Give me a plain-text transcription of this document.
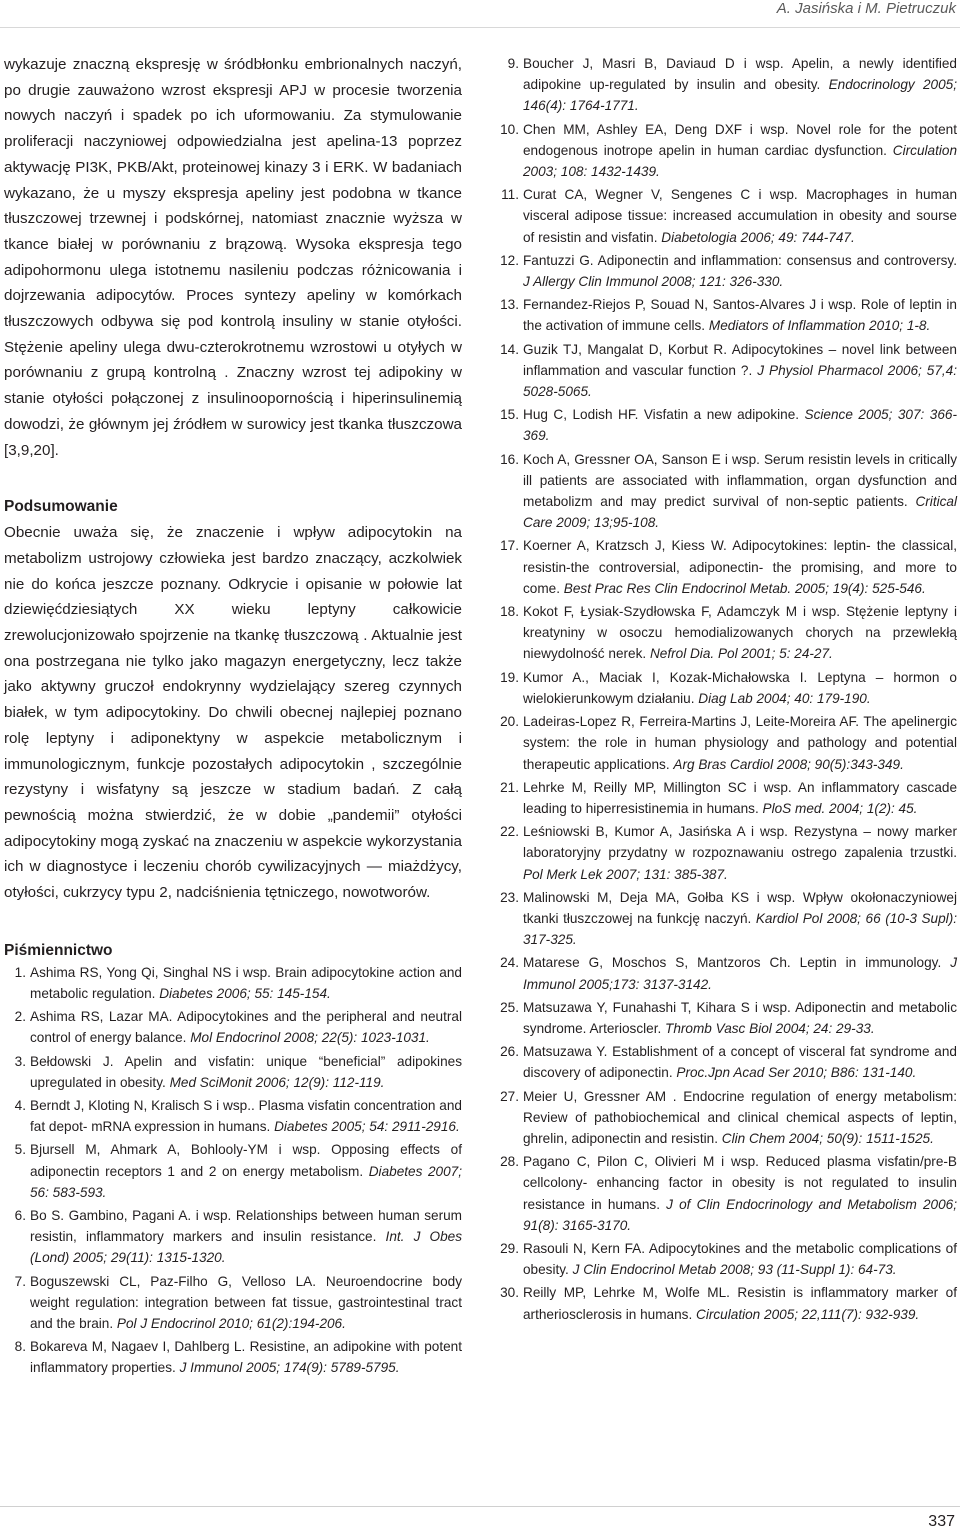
A. Jasińska i M. Pietruczuk

wykazuje znaczną ekspresję w śródbłonku embrionalnych naczyń, po drugie zauważono wzrost ekspresji APJ w procesie tworzenia nowych naczyń i spadek po ich uformowaniu. Za stymulowanie proliferacji naczyniowej odpowiedzialna jest apelina-13 poprzez aktywację PI3K, PKB/Akt, proteinowej kinazy 3 i ERK. W badaniach wykazano, że u myszy ekspresja apeliny jest podobna w tkance tłuszczowej trzewnej i podskórnej, natomiast znacznie wyższa w tkance białej w porównaniu z brązową. Wysoka ekspresja tego adipohormonu ulega istotnemu nasileniu podczas różnicowania i dojrzewania adipocytów. Proces syntezy apeliny w komórkach tłuszczowych odbywa się pod kontrolą insuliny w stanie otyłości. Stężenie apeliny ulega dwu-czterokrotnemu wzrostowi u otyłych w porównaniu z grupą kontrolną . Znaczny wzrost tej adipokiny w stanie otyłości połączonej z insulinoopornością i hiperinsulinemią dowodzi, że głównym jej źródłem w surowicy jest tkanka tłuszczowa [3,9,20].

Podsumowanie

Obecnie uważa się, że znaczenie i wpływ adipocytokin na metabolizm ustrojowy człowieka jest bardzo znaczący, aczkolwiek nie do końca jeszcze poznany. Odkrycie i opisanie w połowie lat dziewięćdziesiątych XX wieku leptyny całkowicie zrewolucjonizowało spojrzenie na tkankę tłuszczową . Aktualnie jest ona postrzegana nie tylko jako magazyn energetyczny, lecz także jako aktywny gruczoł endokrynny wydzielający szereg czynnych białek, w tym adipocytokiny. Do chwili obecnej najlepiej poznano rolę leptyny i adiponektyny w aspekcie metabolicznym i immunologicznym, funkcje pozostałych adipocytokin , szczególnie rezystyny i wisfatyny są jeszcze w stadium badań. Z całą pewnością można stwierdzić, że w dobie „pandemii” otyłości adipocytokiny mogą zyskać na znaczeniu w aspekcie wykorzystania ich w diagnostyce i leczeniu chorób cywilizacyjnych — miażdżycy, otyłości, cukrzycy typu 2, nadciśnienia tętniczego, nowotworów.

Piśmiennictwo
1. Ashima RS, Yong Qi, Singhal NS i wsp. Brain adipocytokine action and metabolic regulation. Diabetes 2006; 55: 145-154.
2. Ashima RS, Lazar MA. Adipocytokines and the peripheral and neutral control of energy balance. Mol Endocrinol 2008; 22(5): 1023-1031.
3. Bełdowski J. Apelin and visfatin: unique “beneficial” adipokines upregulated in obesity. Med SciMonit 2006; 12(9): 112-119.
4. Berndt J, Kloting N, Kralisch S i wsp.. Plasma visfatin concentration and fat depot- mRNA expression in humans. Diabetes 2005; 54: 2911-2916.
5. Bjursell M, Ahmark A, Bohlooly-YM i wsp. Opposing effects of adiponectin receptors 1 and 2 on energy metabolism. Diabetes 2007; 56: 583-593.
6. Bo S. Gambino, Pagani A. i wsp. Relationships between human serum resistin, inflammatory markers and insulin resistance. Int. J Obes (Lond) 2005; 29(11): 1315-1320.
7. Boguszewski CL, Paz-Filho G, Velloso LA. Neuroendocrine body weight regulation: integration between fat tissue, gastrointestinal tract and the brain. Pol J Endocrinol 2010; 61(2):194-206.
8. Bokareva M, Nagaev I, Dahlberg L. Resistine, an adipokine with potent inflammatory properties. J Immunol 2005; 174(9): 5789-5795.
9. Boucher J, Masri B, Daviaud D i wsp. Apelin, a newly identified adipokine up-regulated by insulin and obesity. Endocrinology 2005; 146(4): 1764-1771.
10. Chen MM, Ashley EA, Deng DXF i wsp. Novel role for the potent endogenous inotrope apelin in human cardiac dysfunction. Circulation 2003; 108: 1432-1439.
11. Curat CA, Wegner V, Sengenes C i wsp. Macrophages in human visceral adipose tissue: increased accumulation in obesity and sourse of resistin and visfatin. Diabetologia 2006; 49: 744-747.
12. Fantuzzi G. Adiponectin and inflammation: consensus and controversy. J Allergy Clin Immunol 2008; 121: 326-330.
13. Fernandez-Riejos P, Souad N, Santos-Alvares J i wsp. Role of leptin in the activation of immune cells. Mediators of Inflammation 2010; 1-8.
14. Guzik TJ, Mangalat D, Korbut R. Adipocytokines – novel link between inflammation and vascular function ?. J Physiol Pharmacol 2006; 57,4: 5028-5065.
15. Hug C, Lodish HF. Visfatin a new adipokine. Science 2005; 307: 366-369.
16. Koch A, Gressner OA, Sanson E i wsp. Serum resistin levels in critically ill patients are associated with inflammation, organ dysfunction and metabolizm and may predict survival of non-septic patients. Critical Care 2009; 13;95-108.
17. Koerner A, Kratzsch J, Kiess W. Adipocytokines: leptin- the classical, resistin-the controversial, adiponectin- the promising, and more to come. Best Prac Res Clin Endocrinol Metab. 2005; 19(4): 525-546.
18. Kokot F, Łysiak-Szydłowska F, Adamczyk M i wsp. Stężenie leptyny i kreatyniny w osoczu hemodializowanych chorych na przewlekłą niewydolność nerek. Nefrol Dia. Pol 2001; 5: 24-27.
19. Kumor A., Maciak I, Kozak-Michałowska I. Leptyna – hormon o wielokierunkowym działaniu. Diag Lab 2004; 40: 179-190.
20. Ladeiras-Lopez R, Ferreira-Martins J, Leite-Moreira AF. The apelinergic system: the role in human physiology and pathology and potential therapeutic applications. Arg Bras Cardiol 2008; 90(5):343-349.
21. Lehrke M, Reilly MP, Millington SC i wsp. An inflammatory cascade leading to hiperresistinemia in humans. PloS med. 2004; 1(2): 45.
22. Leśniowski B, Kumor A, Jasińska A i wsp. Rezystyna – nowy marker laboratoryjny przydatny w rozpoznawaniu ostrego zapalenia trzustki. Pol Merk Lek 2007; 131: 385-387.
23. Malinowski M, Deja MA, Gołba KS i wsp. Wpływ okołonaczyniowej tkanki tłuszczowej na funkcję naczyń. Kardiol Pol 2008; 66 (10-3 Supl): 317-325.
24. Matarese G, Moschos S, Mantzoros Ch. Leptin in immunology. J Immunol 2005;173: 3137-3142.
25. Matsuzawa Y, Funahashi T, Kihara S i wsp. Adiponectin and metabolic syndrome. Arterioscler. Thromb Vasc Biol 2004; 24: 29-33.
26. Matsuzawa Y. Establishment of a concept of visceral fat syndrome and discovery of adiponectin. Proc.Jpn Acad Ser 2010; B86: 131-140.
27. Meier U, Gressner AM . Endocrine regulation of energy metabolism: Review of pathobiochemical and clinical chemical aspects of leptin, ghrelin, adiponectin and resistin. Clin Chem 2004; 50(9): 1511-1525.
28. Pagano C, Pilon C, Olivieri M i wsp. Reduced plasma visfatin/pre-B cellcolony- enhancing factor in obesity is not regulated to insulin resistance in humans. J of Clin Endocrinology and Metabolism 2006; 91(8): 3165-3170.
29. Rasouli N, Kern FA. Adipocytokines and the metabolic complications of obesity. J Clin Endocrinol Metab 2008; 93 (11-Suppl 1): 64-73.
30. Reilly MP, Lehrke M, Wolfe ML. Resistin is inflammatory marker of artheriosclerosis in humans. Circulation 2005; 22,111(7): 932-939.
337
